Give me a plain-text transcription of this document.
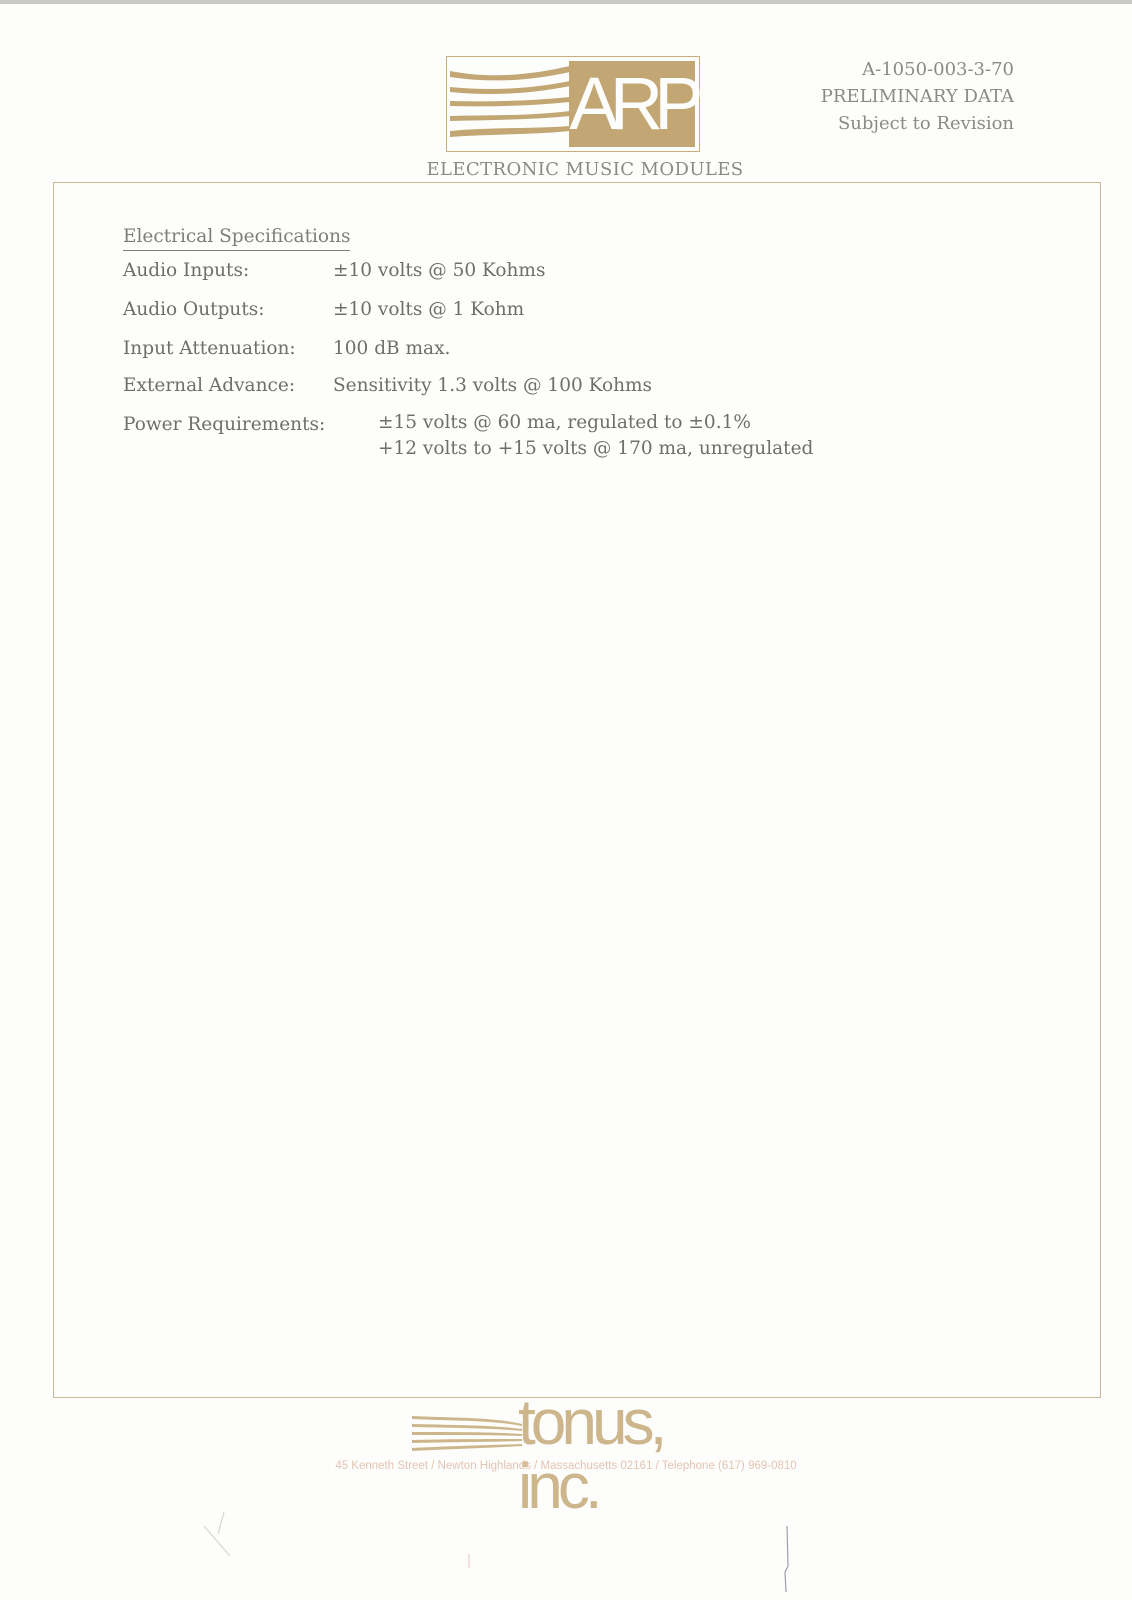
ARP	A-1050-003-3-70
PRELIMINARY DATA
Subject to Revision
ELECTRONIC MUSIC MODULES
Electrical Specifications
Audio Inputs:	±10 volts @ 50 Kohms
Audio Outputs:	±10 volts @ 1 Kohm
Input Attenuation: 100 dB max.
External Advance: Sensitivity 1.3 volts @ 100 Kohms
Power Requirements:	±15 volts @ 60 ma, regulated to ±0.1%
+12 volts to +15 volts @ 170 ma, unregulated
tonus, inc.
45 Kenneth Street / Newton Highlands / Massachusetts 02161 / Telephone (617) 969-0810
